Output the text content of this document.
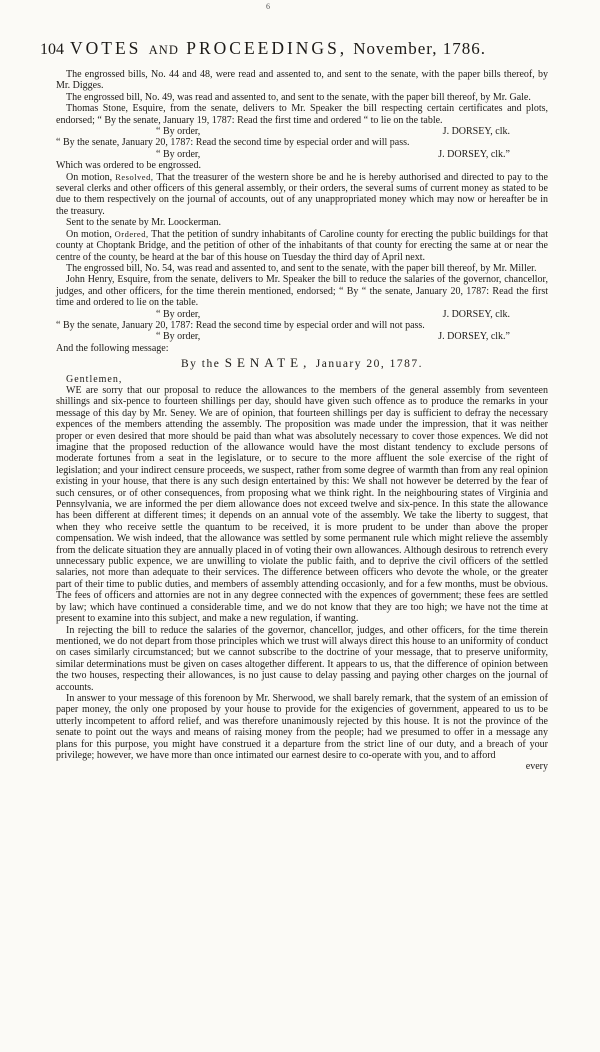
6
104 VOTES AND PROCEEDINGS, November, 1786.

The engrossed bills, No. 44 and 48, were read and assented to, and sent to the senate, with the paper bills thereof, by Mr. Digges.

The engrossed bill, No. 49, was read and assented to, and sent to the senate, with the paper bill thereof, by Mr. Gale.

Thomas Stone, Esquire, from the senate, delivers to Mr. Speaker the bill respecting certain certificates and plots, endorsed; “ By the senate, January 19, 1787: Read the first time and ordered “ to lie on the table.

“ By order,	J. DORSEY, clk.

“ By the senate, January 20, 1787: Read the second time by especial order and will pass.

“ By order,	J. DORSEY, clk.”

Which was ordered to be engrossed.

On motion, Resolved, That the treasurer of the western shore be and he is hereby authorised and directed to pay to the several clerks and other officers of this general assembly, or their orders, the several sums of current money as stated to be due to them respectively on the journal of accounts, out of any unappropriated money which may now or hereafter be in the treasury.

Sent to the senate by Mr. Loockerman.

On motion, Ordered, That the petition of sundry inhabitants of Caroline county for erecting the public buildings for that county at Choptank Bridge, and the petition of other of the inhabitants of that county for erecting the same at or near the centre of the county, be heard at the bar of this house on Tuesday the third day of April next.

The engrossed bill, No. 54, was read and assented to, and sent to the senate, with the paper bill thereof, by Mr. Miller.

John Henry, Esquire, from the senate, delivers to Mr. Speaker the bill to reduce the salaries of the governor, chancellor, judges, and other officers, for the time therein mentioned, endorsed; “ By “ the senate, January 20, 1787: Read the first time and ordered to lie on the table.

“ By order,	J. DORSEY, clk.

“ By the senate, January 20, 1787: Read the second time by especial order and will not pass.

“ By order,	J. DORSEY, clk.”

And the following message:

By the SENATE, January 20, 1787.
Gentlemen,

WE are sorry that our proposal to reduce the allowances to the members of the general assembly from seventeen shillings and six-pence to fourteen shillings per day, should have given such offence as to produce the remarks in your message of this day by Mr. Seney. We are of opinion, that fourteen shillings per day is sufficient to defray the necessary expences of the members attending the assembly. The proposition was made under the impression, that it was neither proper or even desired that more should be paid than what was absolutely necessary to cover those expences. We did not imagine that the proposed reduction of the allowance would have the most distant tendency to exclude persons of moderate fortunes from a seat in the legislature, or to secure to the more affluent the sole exercise of the right of legislation; and your indirect censure proceeds, we suspect, rather from some degree of warmth than from any real opinion existing in your house, that there is any such design entertained by this: We shall not however be deterred by the fear of such censures, or of other consequences, from proposing what we think right. In the neighbouring states of Virginia and Pennsylvania, we are informed the per diem allowance does not exceed twelve and six-pence. In this state the allowance has been different at different times; it depends on an annual vote of the assembly. We take the liberty to suggest, that when they who receive settle the quantum to be received, it is more prudent to be under than above the proper compensation. We wish indeed, that the allowance was settled by some permanent rule which might relieve the assembly from the delicate situation they are annually placed in of voting their own allowances. Although desirous to retrench every unnecessary public expence, we are unwilling to violate the public faith, and to deprive the civil officers of the settled salaries, not more than adequate to their services. The difference between officers who devote the whole, or the greater part of their time to public duties, and members of assembly attending occasionly, and for a few months, must be obvious. The fees of officers and attornies are not in any degree connected with the expences of government; these fees are settled by law; which have continued a considerable time, and we do not know that they are too high; we have not the time at present to examine into this subject, and make a new regulation, if wanting.

In rejecting the bill to reduce the salaries of the governor, chancellor, judges, and other officers, for the time therein mentioned, we do not depart from those principles which we trust will always direct this house to an uniformity of conduct on cases similarly circumstanced; but we cannot subscribe to the doctrine of your message, that to preserve uniformity, similar determinations must be given on cases altogether different. It appears to us, that the difference of opinion between the two houses, respecting their allowances, is no just cause to delay passing and paying other charges on the journal of accounts.

In answer to your message of this forenoon by Mr. Sherwood, we shall barely remark, that the system of an emission of paper money, the only one proposed by your house to provide for the exigencies of government, appeared to us to be utterly incompetent to afford relief, and was therefore unanimously rejected by this house. It is not the province of the senate to point out the ways and means of raising money from the people; had we presumed to offer in a message any plans for this purpose, you might have construed it a departure from the strict line of our duty, and a breach of your privilege; however, we have more than once intimated our earnest desire to co-operate with you, and to afford

every
